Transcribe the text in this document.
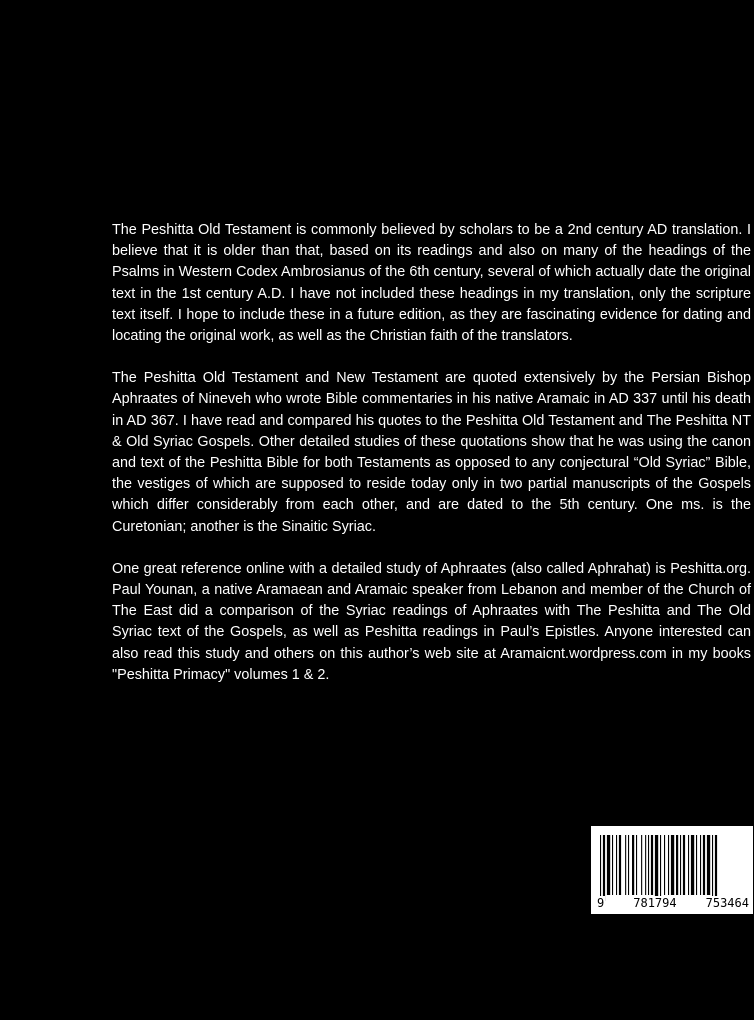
The Peshitta Old Testament is commonly believed by scholars to be a 2nd century AD translation. I believe that it is older than that, based on its readings and also on many of the headings of the Psalms in Western Codex Ambrosianus of the 6th century, several of which actually date the original text in the 1st century A.D. I have not included these headings in my translation, only the scripture text itself. I hope to include these in a future edition, as they are fascinating evidence for dating and locating the original work, as well as the Christian faith of the translators.

The Peshitta Old Testament and New Testament are quoted extensively by the Persian Bishop Aphraates of Nineveh who wrote Bible commentaries in his native Aramaic in AD 337 until his death in AD 367. I have read and compared his quotes to the Peshitta Old Testament and The Peshitta NT & Old Syriac Gospels. Other detailed studies of these quotations show that he was using the canon and text of the Peshitta Bible for both Testaments as opposed to any conjectural “Old Syriac” Bible, the vestiges of which are supposed to reside today only in two partial manuscripts of the Gospels which differ considerably from each other, and are dated to the 5th century. One ms. is the Curetonian; another is the Sinaitic Syriac.

One great reference online with a detailed study of Aphraates (also called Aphrahat) is Peshitta.org. Paul Younan, a native Aramaean and Aramaic speaker from Lebanon and member of the Church of The East did a comparison of the Syriac readings of Aphraates with The Peshitta and The Old Syriac text of the Gospels, as well as Peshitta readings in Paul’s Epistles. Anyone interested can also read this study and others on this author’s web site at Aramaicnt.wordpress.com in my books "Peshitta Primacy" volumes 1 & 2.

9 781794 753464
